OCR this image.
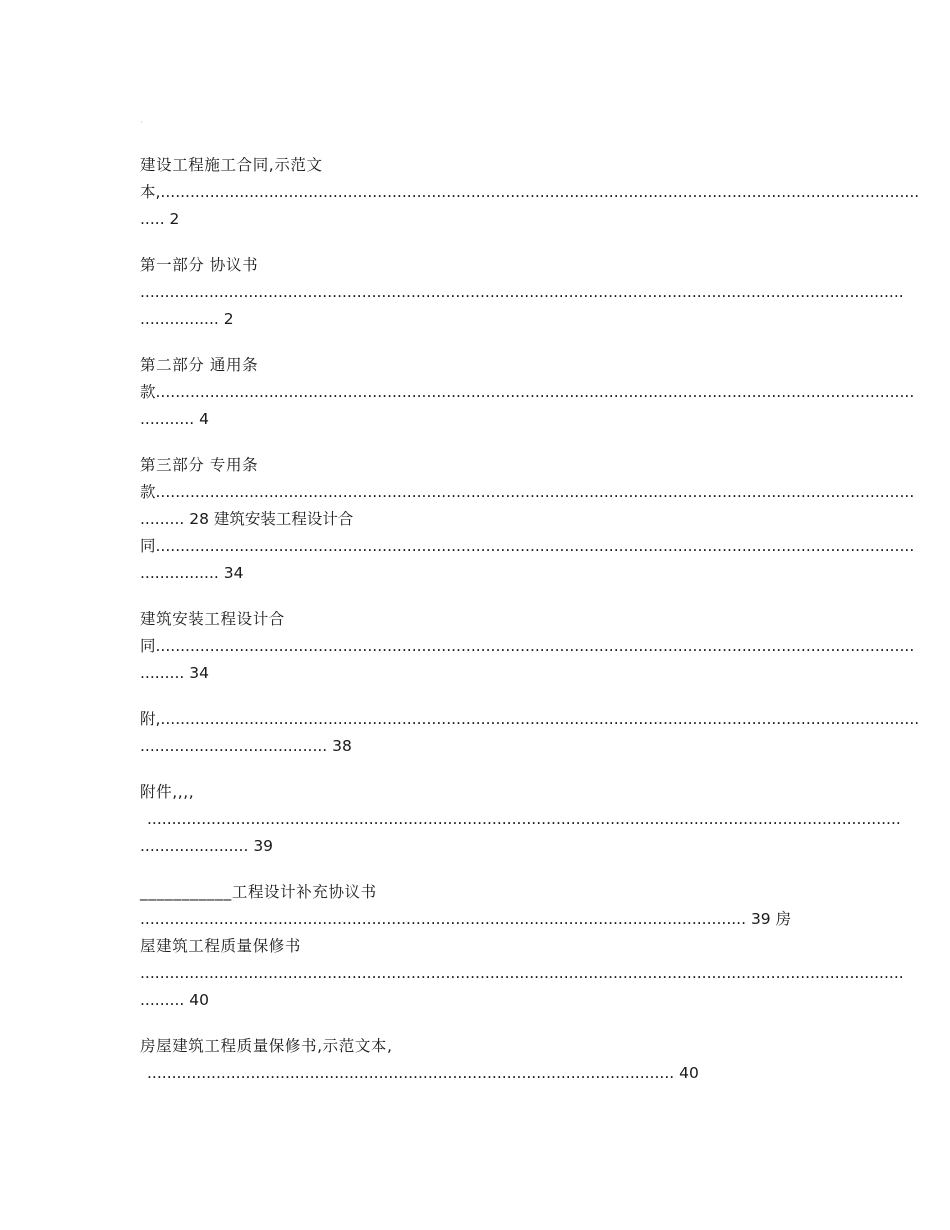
`
建设工程施工合同,示范文
本,..........................................................................................................................................................
..... 2
第一部分 协议书
...........................................................................................................................................................
................ 2
第二部分 通用条
款..........................................................................................................................................................
........... 4
第三部分 专用条
款..........................................................................................................................................................
......... 28 建筑安装工程设计合
同..........................................................................................................................................................
................ 34
建筑安装工程设计合
同..........................................................................................................................................................
......... 34
附,..........................................................................................................................................................
...................................... 38
附件,,,,
.........................................................................................................................................................
...................... 39
___________工程设计补充协议书
........................................................................................................................... 39 房
屋建筑工程质量保修书
...........................................................................................................................................................
......... 40
房屋建筑工程质量保修书,示范文本,
........................................................................................................... 40
